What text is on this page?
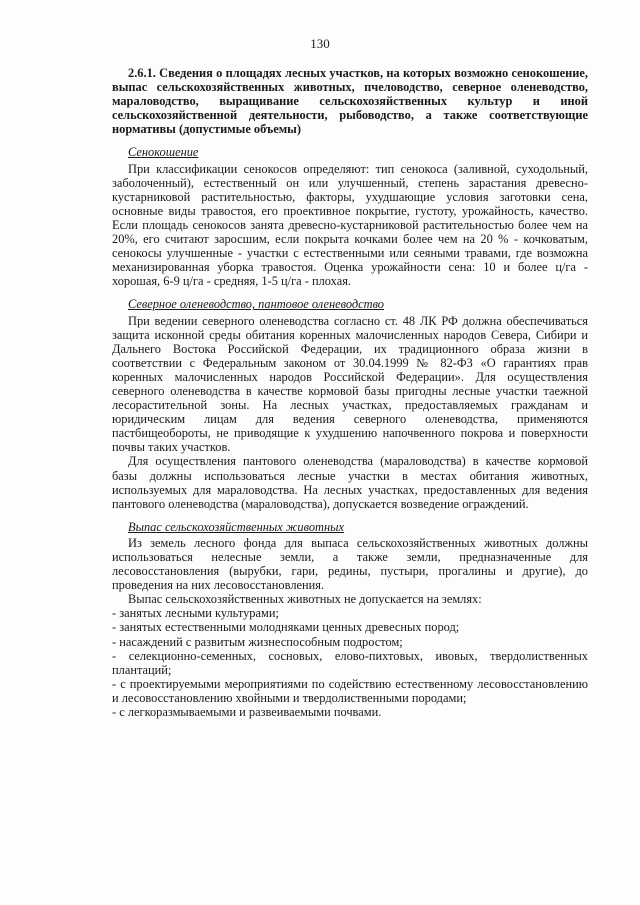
130

2.6.1. Сведения о площадях лесных участков, на которых возможно сенокошение, выпас сельскохозяйственных животных, пчеловодство, северное оленеводство, мараловодство, выращивание сельскохозяйственных культур и иной сельскохозяйственной деятельности, рыбоводство, а также соответствующие нормативы (допустимые объемы)

Сенокошение

При классификации сенокосов определяют: тип сенокоса (заливной, суходольный, заболоченный), естественный он или улучшенный, степень зарастания древесно-кустарниковой растительностью, факторы, ухудшающие условия заготовки сена, основные виды травостоя, его проективное покрытие, густоту, урожайность, качество. Если площадь сенокосов занята древесно-кустарниковой растительностью более чем на 20%, его считают заросшим, если покрыта кочками более чем на 20 % - кочковатым, сенокосы улучшенные - участки с естественными или сеяными травами, где возможна механизированная уборка травостоя. Оценка урожайности сена: 10 и более ц/га - хорошая, 6-9 ц/га - средняя, 1-5 ц/га - плохая.

Северное оленеводство, пантовое оленеводство

При ведении северного оленеводства согласно ст. 48 ЛК РФ должна обеспечиваться защита исконной среды обитания коренных малочисленных народов Севера, Сибири и Дальнего Востока Российской Федерации, их традиционного образа жизни в соответствии с Федеральным законом от 30.04.1999 № 82-ФЗ «О гарантиях прав коренных малочисленных народов Российской Федерации». Для осуществления северного оленеводства в качестве кормовой базы пригодны лесные участки таежной лесорастительной зоны. На лесных участках, предоставляемых гражданам и юридическим лицам для ведения северного оленеводства, применяются пастбищеобороты, не приводящие к ухудшению напочвенного покрова и поверхности почвы таких участков.

Для осуществления пантового оленеводства (мараловодства) в качестве кормовой базы должны использоваться лесные участки в местах обитания животных, используемых для мараловодства. На лесных участках, предоставленных для ведения пантового оленеводства (мараловодства), допускается возведение ограждений.

Выпас сельскохозяйственных животных

Из земель лесного фонда для выпаса сельскохозяйственных животных должны использоваться нелесные земли, а также земли, предназначенные для лесовосстановления (вырубки, гари, редины, пустыри, прогалины и другие), до проведения на них лесовосстановления.

Выпас сельскохозяйственных животных не допускается на землях:

- занятых лесными культурами;

- занятых естественными молодняками ценных древесных пород;

- насаждений с развитым жизнеспособным подростом;

- селекционно-семенных, сосновых, елово-пихтовых, ивовых, твердолиственных плантаций;

- с проектируемыми мероприятиями по содействию естественному лесовосстановлению и лесовосстановлению хвойными и твердолиственными породами;

- с легкоразмываемыми и развеиваемыми почвами.
